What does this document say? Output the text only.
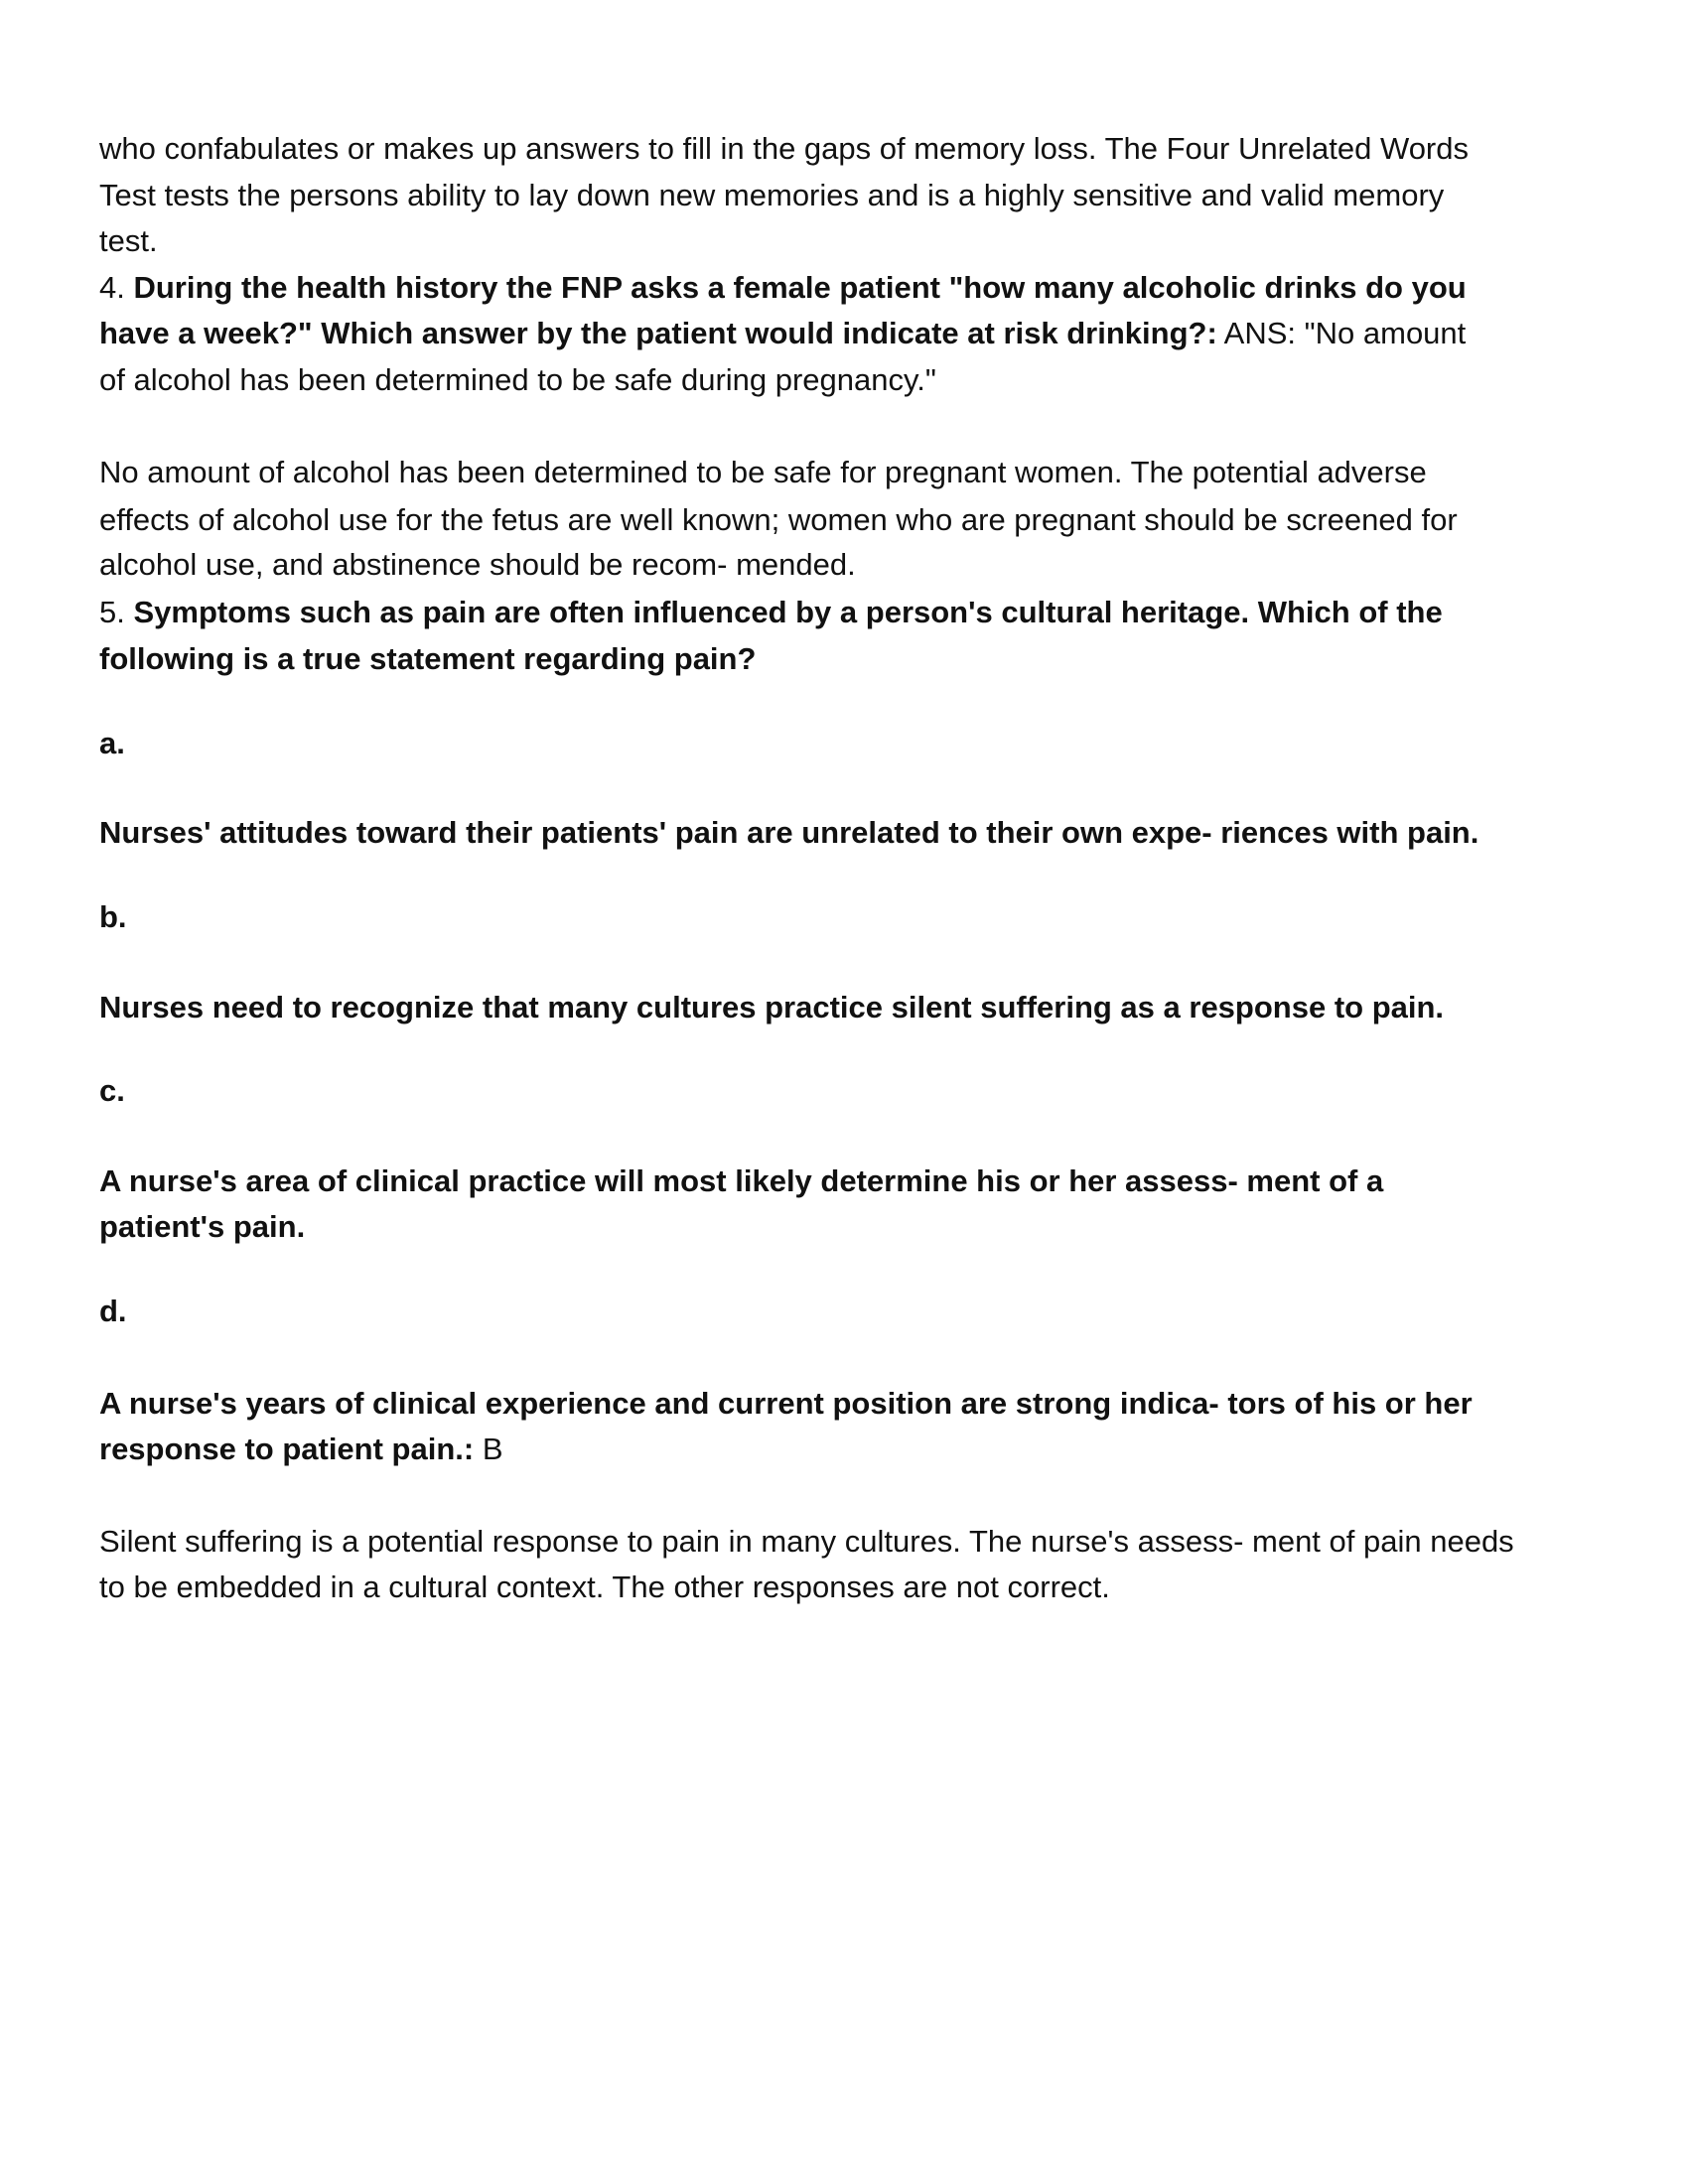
who confabulates or makes up answers to fill in the gaps of memory loss. The Four Unrelated Words
Test tests the persons ability to lay down new memories and is a highly sensitive and valid memory
test.
4. During the health history the FNP asks a female patient "how many alcoholic drinks do you
have a week?" Which answer by the patient would indicate at risk drinking?: ANS: "No amount
of alcohol has been determined to be safe during pregnancy."
No amount of alcohol has been determined to be safe for pregnant women. The potential adverse
effects of alcohol use for the fetus are well known; women who are pregnant should be screened for
alcohol use, and abstinence should be recom- mended.
5. Symptoms such as pain are often influenced by a person's cultural heritage. Which of the
following is a true statement regarding pain?
a.
Nurses' attitudes toward their patients' pain are unrelated to their own expe- riences with pain.
b.
Nurses need to recognize that many cultures practice silent suffering as a response to pain.
c.
A nurse's area of clinical practice will most likely determine his or her assess- ment of a
patient's pain.
d.
A nurse's years of clinical experience and current position are strong indica- tors of his or her
response to patient pain.: B
Silent suffering is a potential response to pain in many cultures. The nurse's assess- ment of pain needs
to be embedded in a cultural context. The other responses are not correct.
